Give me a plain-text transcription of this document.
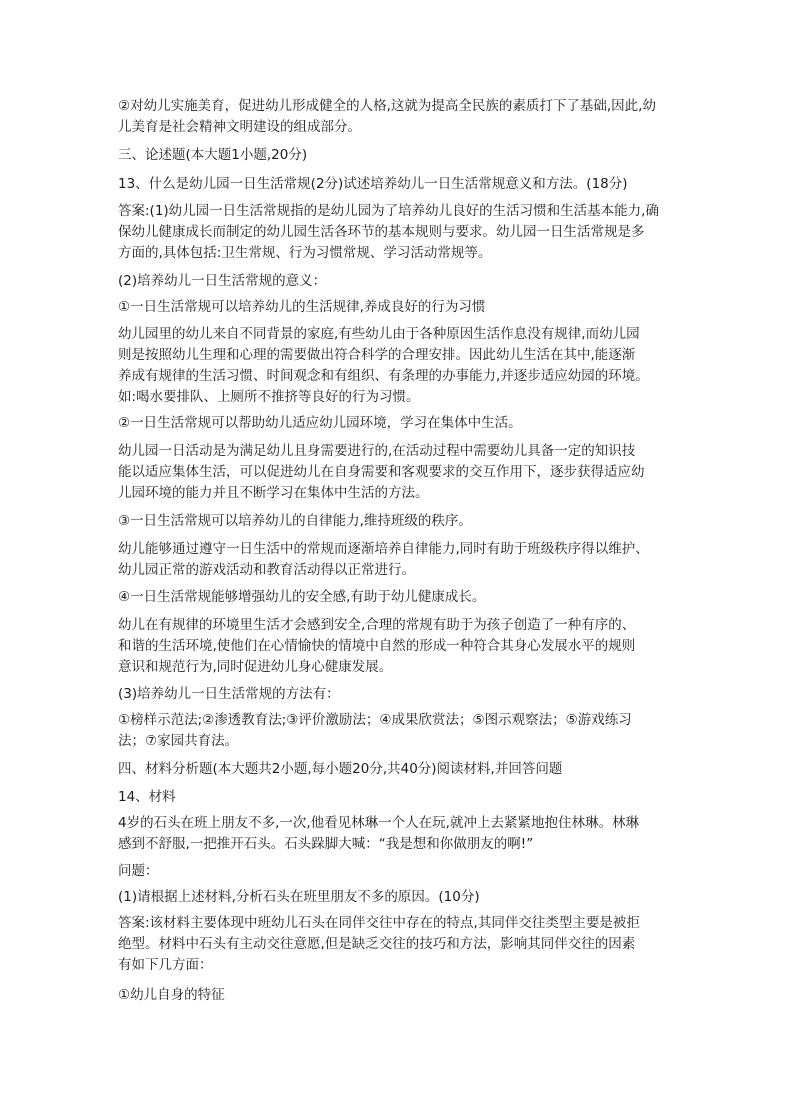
②对幼儿实施美育，促进幼儿形成健全的人格,这就为提高全民族的素质打下了基础,因此,幼

儿美育是社会精神文明建设的组成部分。

三、论述题(本大题1小题,20分)

13、什么是幼儿园一日生活常规(2分)试述培养幼儿一日生活常规意义和方法。(18分)

答案:(1)幼儿园一日生活常规指的是幼儿园为了培养幼儿良好的生活习惯和生活基本能力,确

保幼儿健康成长而制定的幼儿园生活各环节的基本规则与要求。幼儿园一日生活常规是多

方面的,具体包括:卫生常规、行为习惯常规、学习活动常规等。

(2)培养幼儿一日生活常规的意义：

①一日生活常规可以培养幼儿的生活规律,养成良好的行为习惯

幼儿园里的幼儿来自不同背景的家庭,有些幼儿由于各种原因生活作息没有规律,而幼儿园

则是按照幼儿生理和心理的需要做出符合科学的合理安排。因此幼儿生活在其中,能逐渐

养成有规律的生活习惯、时间观念和有组织、有条理的办事能力,并逐步适应幼园的环境。

如:喝水要排队、上厕所不推挤等良好的行为习惯。

②一日生活常规可以帮助幼儿适应幼儿园环境，学习在集体中生活。

幼儿园一日活动是为满足幼儿且身需要进行的,在活动过程中需要幼儿具备一定的知识技

能以适应集体生活，可以促进幼儿在自身需要和客观要求的交互作用下，逐步获得适应幼

儿园环境的能力并且不断学习在集体中生活的方法。

③一日生活常规可以培养幼儿的自律能力,维持班级的秩序。

幼儿能够通过遵守一日生活中的常规而逐渐培养自律能力,同时有助于班级秩序得以维护、

幼儿园正常的游戏活动和教育活动得以正常进行。

④一日生活常规能够增强幼儿的安全感,有助于幼儿健康成长。

幼儿在有规律的环境里生活才会感到安全,合理的常规有助于为孩子创造了一种有序的、

和谐的生活环境,使他们在心情愉快的情境中自然的形成一种符合其身心发展水平的规则

意识和规范行为,同时促进幼儿身心健康发展。

(3)培养幼儿一日生活常规的方法有：

①榜样示范法;②渗透教育法;③评价激励法；④成果欣赏法；⑤图示观察法；⑤游戏练习

法；⑦家园共育法。

四、材料分析题(本大题共2小题,每小题20分,共40分)阅读材料,并回答问题

14、材料

4岁的石头在班上朋友不多,一次,他看见林琳一个人在玩,就冲上去紧紧地抱住林琳。林琳

感到不舒服,一把推开石头。石头跺脚大喊：“我是想和你做朋友的啊!”

问题：

(1)请根据上述材料,分析石头在班里朋友不多的原因。(10分)

答案:该材料主要体现中班幼儿石头在同伴交往中存在的特点,其同伴交往类型主要是被拒

绝型。材料中石头有主动交往意愿,但是缺乏交往的技巧和方法，影响其同伴交往的因素

有如下几方面：

①幼儿自身的特征
